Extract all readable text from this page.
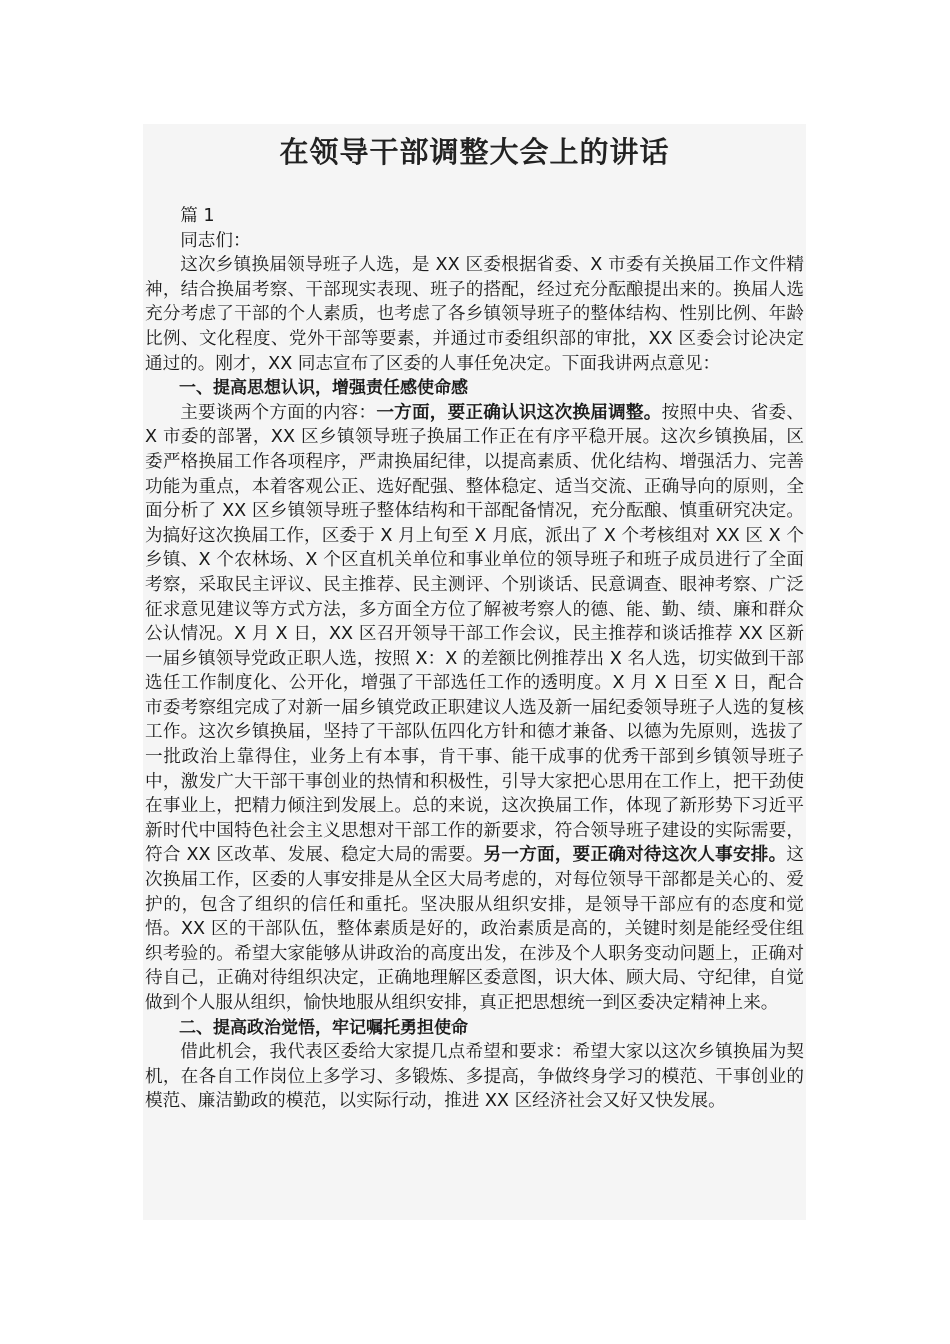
在领导干部调整大会上的讲话

篇 1

同志们：

这次乡镇换届领导班子人选，是 XX 区委根据省委、X 市委有关换届工作文件精神，结合换届考察、干部现实表现、班子的搭配，经过充分酝酿提出来的。换届人选充分考虑了干部的个人素质，也考虑了各乡镇领导班子的整体结构、性别比例、年龄比例、文化程度、党外干部等要素，并通过市委组织部的审批，XX 区委会讨论决定通过的。刚才，XX 同志宣布了区委的人事任免决定。下面我讲两点意见：

一、提高思想认识，增强责任感使命感

主要谈两个方面的内容：一方面，要正确认识这次换届调整。按照中央、省委、X 市委的部署，XX 区乡镇领导班子换届工作正在有序平稳开展。这次乡镇换届，区委严格换届工作各项程序，严肃换届纪律，以提高素质、优化结构、增强活力、完善功能为重点，本着客观公正、选好配强、整体稳定、适当交流、正确导向的原则，全面分析了 XX 区乡镇领导班子整体结构和干部配备情况，充分酝酿、慎重研究决定。为搞好这次换届工作，区委于 X 月上旬至 X 月底，派出了 X 个考核组对 XX 区 X 个乡镇、X 个农林场、X 个区直机关单位和事业单位的领导班子和班子成员进行了全面考察，采取民主评议、民主推荐、民主测评、个别谈话、民意调查、眼神考察、广泛征求意见建议等方式方法，多方面全方位了解被考察人的德、能、勤、绩、廉和群众公认情况。X 月 X 日，XX 区召开领导干部工作会议，民主推荐和谈话推荐 XX 区新一届乡镇领导党政正职人选，按照 X：X 的差额比例推荐出 X 名人选，切实做到干部选任工作制度化、公开化，增强了干部选任工作的透明度。X 月 X 日至 X 日，配合市委考察组完成了对新一届乡镇党政正职建议人选及新一届纪委领导班子人选的复核工作。这次乡镇换届，坚持了干部队伍四化方针和德才兼备、以德为先原则，选拔了一批政治上靠得住，业务上有本事，肯干事、能干成事的优秀干部到乡镇领导班子中，激发广大干部干事创业的热情和积极性，引导大家把心思用在工作上，把干劲使在事业上，把精力倾注到发展上。总的来说，这次换届工作，体现了新形势下习近平新时代中国特色社会主义思想对干部工作的新要求，符合领导班子建设的实际需要，符合 XX 区改革、发展、稳定大局的需要。另一方面，要正确对待这次人事安排。这次换届工作，区委的人事安排是从全区大局考虑的，对每位领导干部都是关心的、爱护的，包含了组织的信任和重托。坚决服从组织安排，是领导干部应有的态度和觉悟。XX 区的干部队伍，整体素质是好的，政治素质是高的，关键时刻是能经受住组织考验的。希望大家能够从讲政治的高度出发，在涉及个人职务变动问题上，正确对待自己，正确对待组织决定，正确地理解区委意图，识大体、顾大局、守纪律，自觉做到个人服从组织，愉快地服从组织安排，真正把思想统一到区委决定精神上来。

二、提高政治觉悟，牢记嘱托勇担使命

借此机会，我代表区委给大家提几点希望和要求：希望大家以这次乡镇换届为契机，在各自工作岗位上多学习、多锻炼、多提高，争做终身学习的模范、干事创业的模范、廉洁勤政的模范，以实际行动，推进 XX 区经济社会又好又快发展。
